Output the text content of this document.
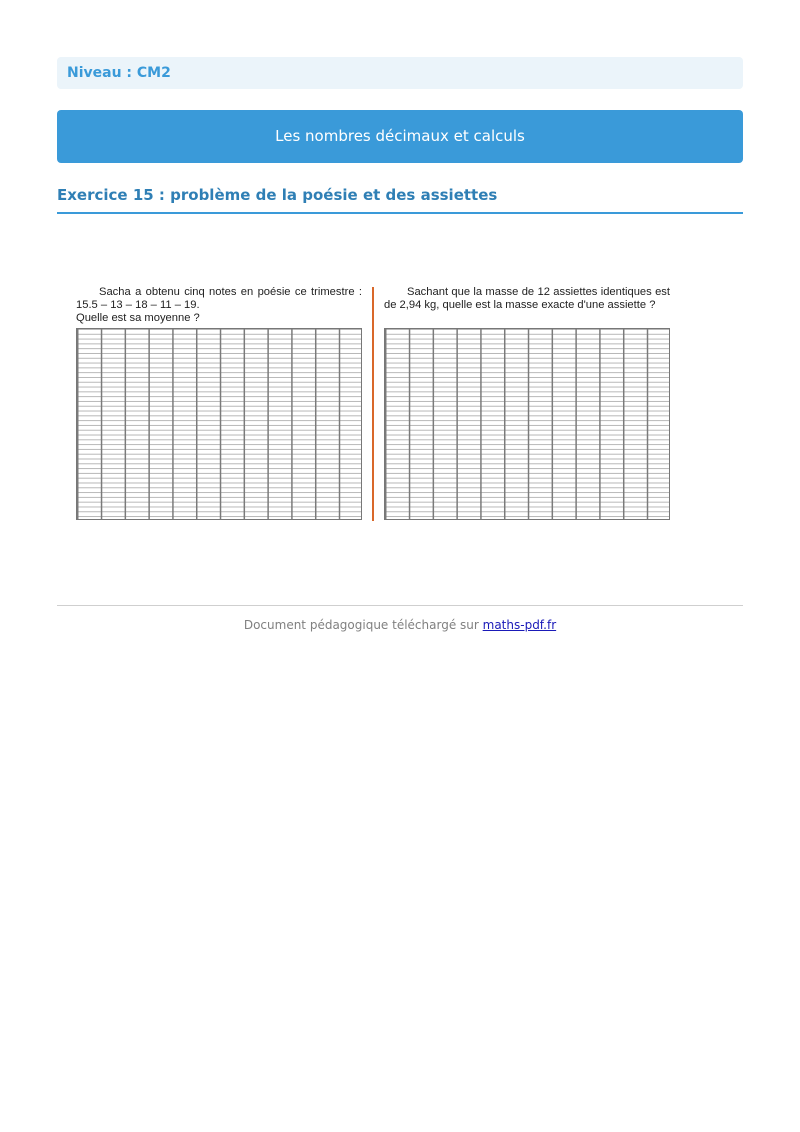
Niveau : CM2
Les nombres décimaux et calculs
Exercice 15 : problème de la poésie et des assiettes

Sacha a obtenu cinq notes en poésie ce trimestre : 15.5 – 13 – 18 – 11 – 19.
Quelle est sa moyenne ?

Sachant que la masse de 12 assiettes identiques est de 2,94 kg, quelle est la masse exacte d'une assiette ?

Document pédagogique téléchargé sur maths-pdf.fr
